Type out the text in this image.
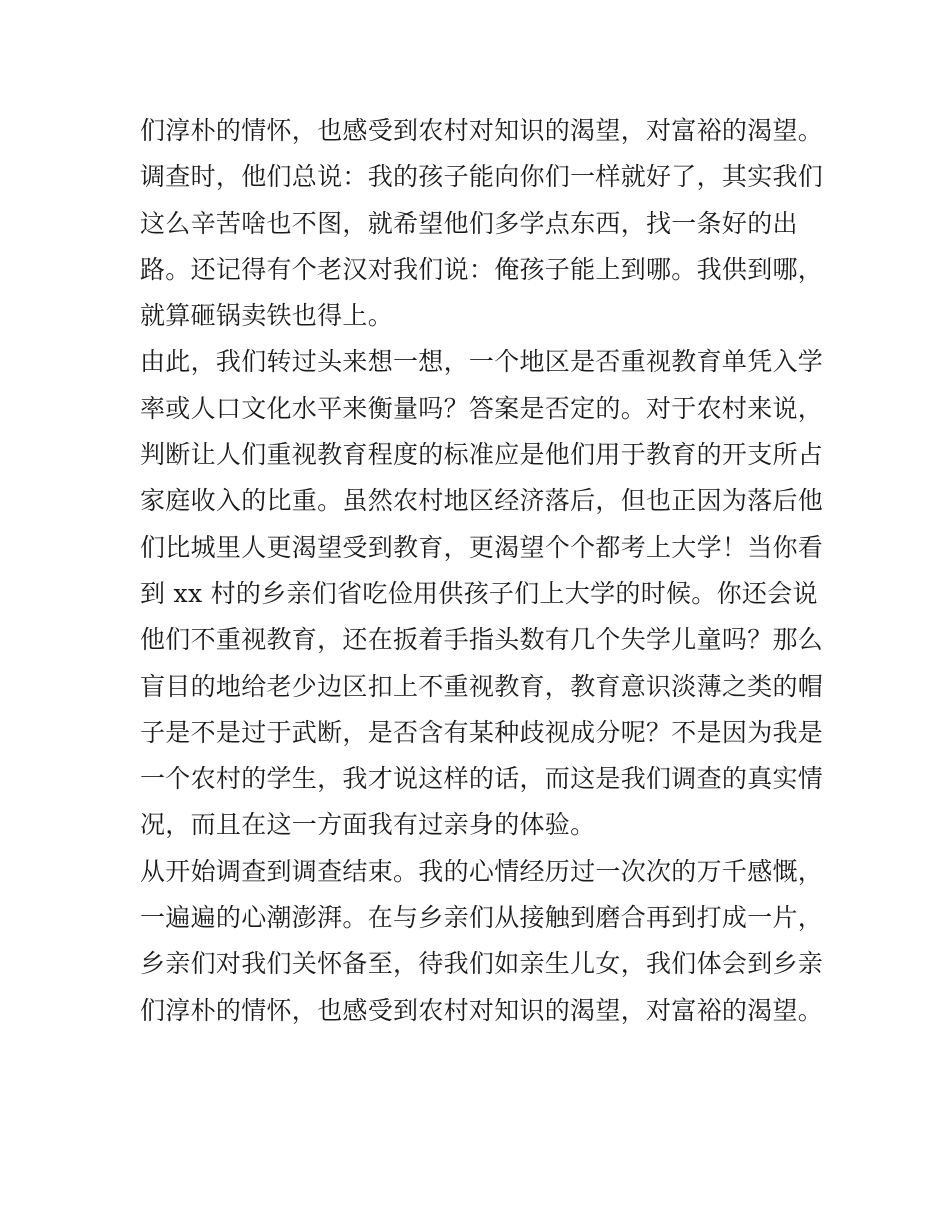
们淳朴的情怀，也感受到农村对知识的渴望，对富裕的渴望。
调查时，他们总说：我的孩子能向你们一样就好了，其实我们
这么辛苦啥也不图，就希望他们多学点东西，找一条好的出
路。还记得有个老汉对我们说：俺孩子能上到哪。我供到哪，
就算砸锅卖铁也得上。
由此，我们转过头来想一想，一个地区是否重视教育单凭入学
率或人口文化水平来衡量吗？答案是否定的。对于农村来说，
判断让人们重视教育程度的标准应是他们用于教育的开支所占
家庭收入的比重。虽然农村地区经济落后，但也正因为落后他
们比城里人更渴望受到教育，更渴望个个都考上大学！当你看
到 xx 村的乡亲们省吃俭用供孩子们上大学的时候。你还会说
他们不重视教育，还在扳着手指头数有几个失学儿童吗？那么
盲目的地给老少边区扣上不重视教育，教育意识淡薄之类的帽
子是不是过于武断，是否含有某种歧视成分呢？不是因为我是
一个农村的学生，我才说这样的话，而这是我们调查的真实情
况，而且在这一方面我有过亲身的体验。
从开始调查到调查结束。我的心情经历过一次次的万千感慨，
一遍遍的心潮澎湃。在与乡亲们从接触到磨合再到打成一片，
乡亲们对我们关怀备至，待我们如亲生儿女，我们体会到乡亲
们淳朴的情怀，也感受到农村对知识的渴望，对富裕的渴望。
